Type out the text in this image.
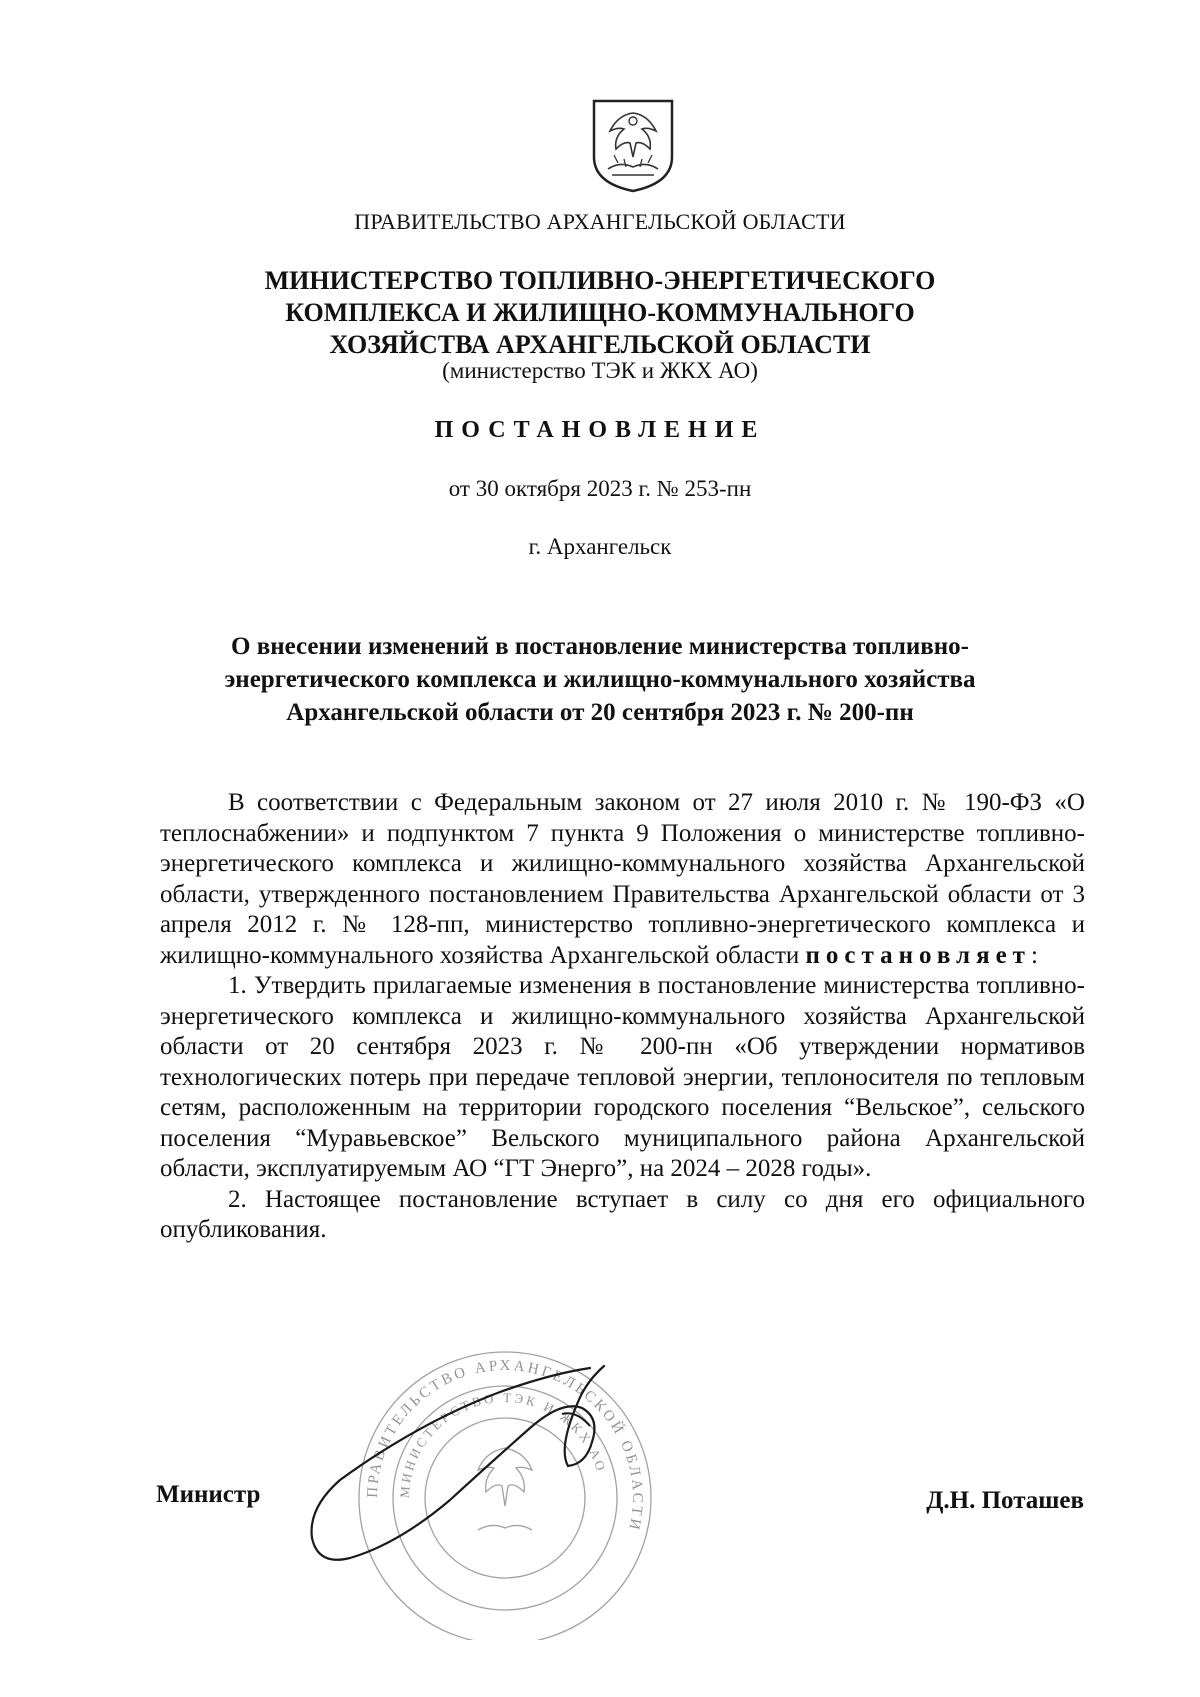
ПРАВИТЕЛЬСТВО АРХАНГЕЛЬСКОЙ ОБЛАСТИ
МИНИСТЕРСТВО ТОПЛИВНО-ЭНЕРГЕТИЧЕСКОГО
КОМПЛЕКСА И ЖИЛИЩНО-КОММУНАЛЬНОГО
ХОЗЯЙСТВА АРХАНГЕЛЬСКОЙ ОБЛАСТИ
(министерство ТЭК и ЖКХ АО)
ПОСТАНОВЛЕНИЕ
от 30 октября 2023 г. № 253-пн
г. Архангельск
О внесении изменений в постановление министерства топливно-
энергетического комплекса и жилищно-коммунального хозяйства
Архангельской области от 20 сентября 2023 г. № 200-пн

В соответствии с Федеральным законом от 27 июля 2010 г. № 190-ФЗ «О теплоснабжении» и подпунктом 7 пункта 9 Положения о министерстве топливно-энергетического комплекса и жилищно-коммунального хозяйства Архангельской области, утвержденного постановлением Правительства Архангельской области от 3 апреля 2012 г. № 128-пп, министерство топливно-энергетического комплекса и жилищно-коммунального хозяйства Архангельской области постановляет:

1. Утвердить прилагаемые изменения в постановление министерства топливно-энергетического комплекса и жилищно-коммунального хозяйства Архангельской области от 20 сентября 2023 г. № 200-пн «Об утверждении нормативов технологических потерь при передаче тепловой энергии, теплоносителя по тепловым сетям, расположенным на территории городского поселения “Вельское”, сельского поселения “Муравьевское” Вельского муниципального района Архангельской области, эксплуатируемым АО “ГТ Энерго”, на 2024 – 2028 годы».

2. Настоящее постановление вступает в силу со дня его официального опубликования.

ПРАВИТЕЛЬСТВО АРХАНГЕЛЬСКОЙ ОБЛАСТИ
МИНИСТЕРСТВО ТЭК И ЖКХ АО
Министр	Д.Н. Поташев
